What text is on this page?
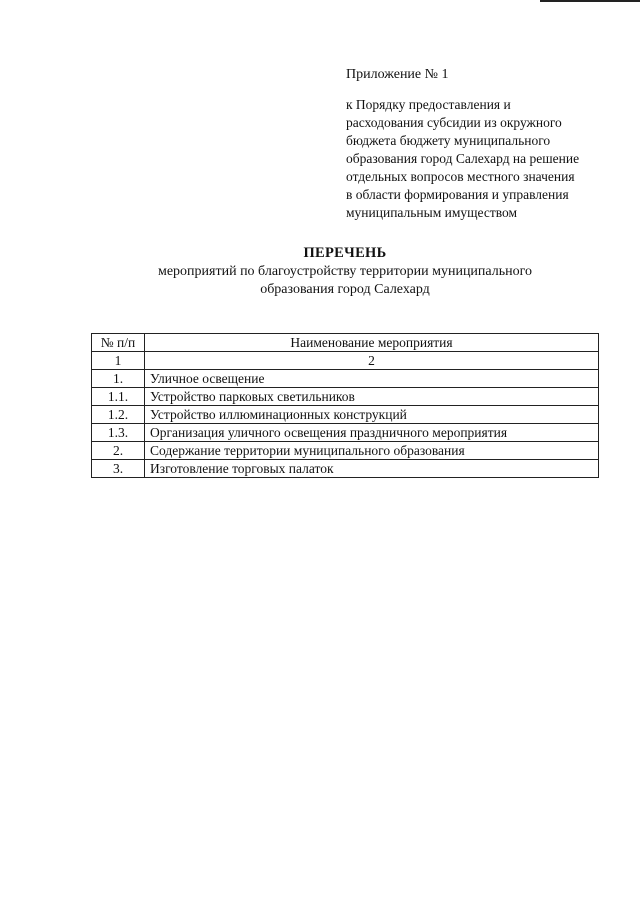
Приложение № 1
к Порядку предоставления и
расходования субсидии из окружного
бюджета бюджету муниципального
образования город Салехард на решение
отдельных вопросов местного значения
в области формирования и управления
муниципальным имуществом
ПЕРЕЧЕНЬ
мероприятий по благоустройству территории муниципального
образования город Салехард
№ п/п	Наименование мероприятия
1	2
1.	Уличное освещение
1.1.	Устройство парковых светильников
1.2.	Устройство иллюминационных конструкций
1.3.	Организация уличного освещения праздничного мероприятия
2.	Содержание территории муниципального образования
3.	Изготовление торговых палаток
